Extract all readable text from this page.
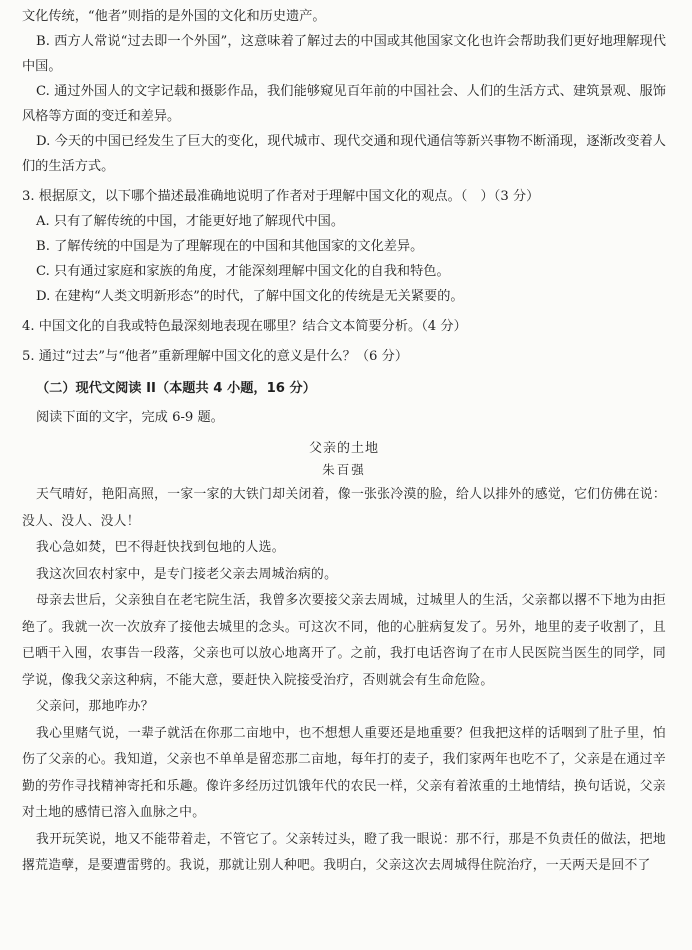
文化传统，“他者”则指的是外国的文化和历史遗产。

B. 西方人常说“过去即一个外国”，这意味着了解过去的中国或其他国家文化也许会帮助我们更好地理解现代中国。

C. 通过外国人的文字记载和摄影作品，我们能够窥见百年前的中国社会、人们的生活方式、建筑景观、服饰风格等方面的变迁和差异。

D. 今天的中国已经发生了巨大的变化，现代城市、现代交通和现代通信等新兴事物不断涌现，逐渐改变着人们的生活方式。

3. 根据原文，以下哪个描述最准确地说明了作者对于理解中国文化的观点。（　）（3 分）

A. 只有了解传统的中国，才能更好地了解现代中国。

B. 了解传统的中国是为了理解现在的中国和其他国家的文化差异。

C. 只有通过家庭和家族的角度，才能深刻理解中国文化的自我和特色。

D. 在建构“人类文明新形态”的时代，了解中国文化的传统是无关紧要的。

4. 中国文化的自我或特色最深刻地表现在哪里？结合文本简要分析。（4 分）

5. 通过“过去”与“他者”重新理解中国文化的意义是什么？（6 分）

（二）现代文阅读 II（本题共 4 小题，16 分）

阅读下面的文字，完成 6-9 题。

父亲的土地

朱百强

天气晴好，艳阳高照，一家一家的大铁门却关闭着，像一张张冷漠的脸，给人以排外的感觉，它们仿佛在说：没人、没人、没人！

我心急如焚，巴不得赶快找到包地的人选。

我这次回农村家中，是专门接老父亲去周城治病的。

母亲去世后，父亲独自在老宅院生活，我曾多次要接父亲去周城，过城里人的生活，父亲都以撂不下地为由拒绝了。我就一次一次放弃了接他去城里的念头。可这次不同，他的心脏病复发了。另外，地里的麦子收割了，且已晒干入囤，农事告一段落，父亲也可以放心地离开了。之前，我打电话咨询了在市人民医院当医生的同学，同学说，像我父亲这种病，不能大意，要赶快入院接受治疗，否则就会有生命危险。

父亲问，那地咋办？

我心里赌气说，一辈子就活在你那二亩地中，也不想想人重要还是地重要？但我把这样的话咽到了肚子里，怕伤了父亲的心。我知道，父亲也不单单是留恋那二亩地，每年打的麦子，我们家两年也吃不了，父亲是在通过辛勤的劳作寻找精神寄托和乐趣。像许多经历过饥饿年代的农民一样，父亲有着浓重的土地情结，换句话说，父亲对土地的感情已溶入血脉之中。

我开玩笑说，地又不能带着走，不管它了。父亲转过头，瞪了我一眼说：那不行，那是不负责任的做法，把地撂荒造孽，是要遭雷劈的。我说，那就让别人种吧。我明白，父亲这次去周城得住院治疗，一天两天是回不了
